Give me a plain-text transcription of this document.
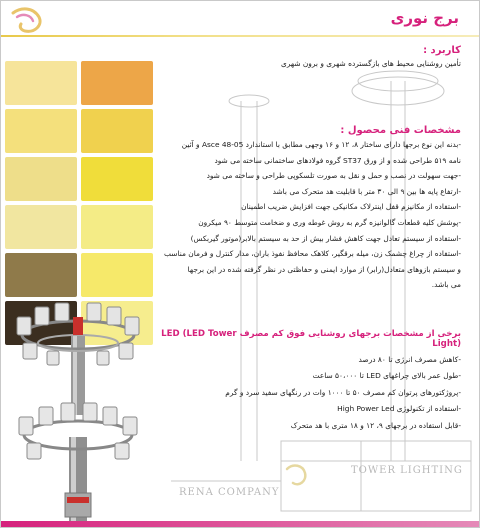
برج نوری
RENA COMPANY
TOWER LIGHTING
کاربرد :
تأمین روشنایی محیط های بازگسترده شهری و برون شهری
مشخصات فنی محصول :
-بدنه این نوع برجها دارای ساختار ۸، ۱۲ و ۱۶ وجهی مطابق با استاندارد Asce 48-05 و آئین
نامه ۵۱۹ طراحی شده و از ورق ST37 گروه فولادهای ساختمانی ساخته می شود
-جهت سهولت در نصب و حمل و نقل به صورت تلسکوپی طراحی و ساخته می شود
-ارتفاع پایه ها بین ۹ الی ۳۰ متر با قابلیت هد متحرک می باشد
-استفاده از مکانیزم قفل اینترلاک مکانیکی جهت افزایش ضریب اطمینان
-پوشش کلیه قطعات گالوانیزه گرم به روش غوطه وری و ضخامت متوسط ۹۰ میکرون
-استفاده از سیستم تعادل جهت کاهش فشار بیش از حد به سیستم بالابر(موتور گیربکس)
-استفاده از چراغ چشمک زن، میله برقگیر، کلاهک محافظ نفوذ باران، مدار کنترل و فرمان مناسب
و سیستم بازوهای متعادل(رابر) از موارد ایمنی و حفاظتی در نظر گرفته شده در این برجها
می باشد.
برخی از مشخصات برجهای روشنایی فوق کم مصرف LED (LED Tower Light)
-کاهش مصرف انرژی تا ۸۰ درصد
-طول عمر بالای چراغهای LED تا ۵۰،۰۰۰ ساعت
-پروژکتورهای پرتوان کم مصرف ۵۰ تا ۱۰۰۰ وات در رنگهای سفید سرد و گرم
-استفاده از تکنولوژی High Power Led
-قابل استفاده در برجهای ۹، ۱۲ و ۱۸ متری با هد متحرک
